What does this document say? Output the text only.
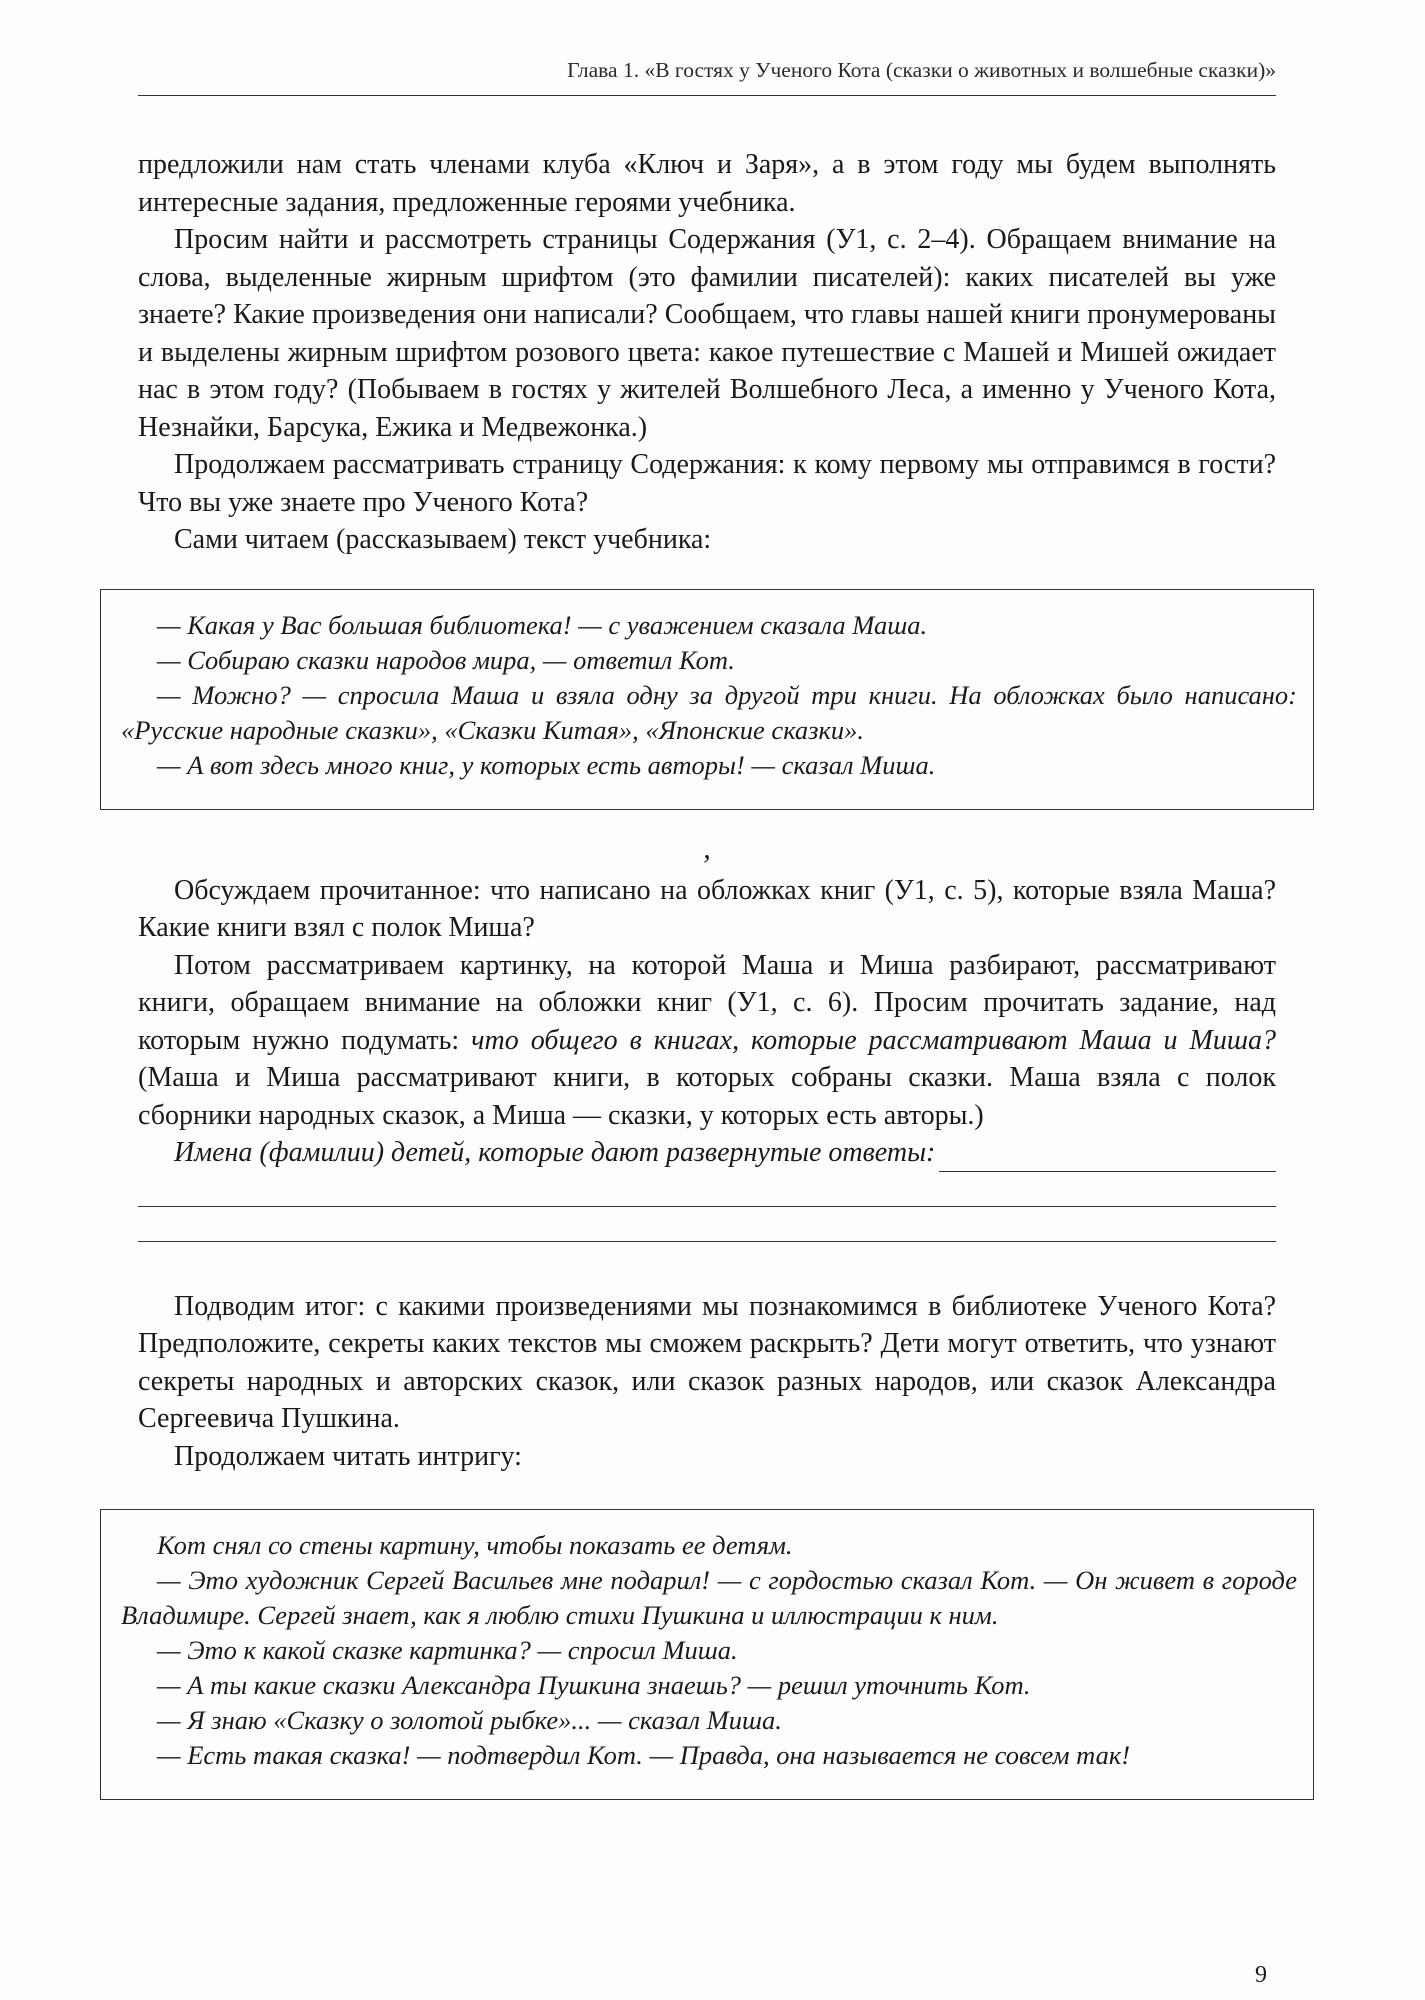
Глава 1. «В гостях у Ученого Кота (сказки о животных и волшебные сказки)»

предложили нам стать членами клуба «Ключ и Заря», а в этом году мы будем выполнять интересные задания, предложенные героями учебника.

Просим найти и рассмотреть страницы Содержания (У1, с. 2–4). Обращаем внимание на слова, выделенные жирным шрифтом (это фамилии писателей): каких писателей вы уже знаете? Какие произведения они написали? Сообщаем, что главы нашей книги пронумерованы и выделены жирным шрифтом розового цвета: какое путешествие с Машей и Мишей ожидает нас в этом году? (Побываем в гостях у жителей Волшебного Леса, а именно у Ученого Кота, Незнайки, Барсука, Ежика и Медвежонка.)

Продолжаем рассматривать страницу Содержания: к кому первому мы отправимся в гости? Что вы уже знаете про Ученого Кота?

Сами читаем (рассказываем) текст учебника:

— Какая у Вас большая библиотека! — с уважением сказала Маша.

— Собираю сказки народов мира, — ответил Кот.

— Можно? — спросила Маша и взяла одну за другой три книги. На обложках было написано: «Русские народные сказки», «Сказки Китая», «Японские сказки».

— А вот здесь много книг, у которых есть авторы! — сказал Миша.

,

Обсуждаем прочитанное: что написано на обложках книг (У1, с. 5), которые взяла Маша? Какие книги взял с полок Миша?

Потом рассматриваем картинку, на которой Маша и Миша разбирают, рассматривают книги, обращаем внимание на обложки книг (У1, с. 6). Просим прочитать задание, над которым нужно подумать: что общего в книгах, которые рассматривают Маша и Миша? (Маша и Миша рассматривают книги, в которых собраны сказки. Маша взяла с полок сборники народных сказок, а Миша — сказки, у которых есть авторы.)

Имена (фамилии) детей, которые дают развернутые ответы:

Подводим итог: с какими произведениями мы познакомимся в библиотеке Ученого Кота? Предположите, секреты каких текстов мы сможем раскрыть? Дети могут ответить, что узнают секреты народных и авторских сказок, или сказок разных народов, или сказок Александра Сергеевича Пушкина.

Продолжаем читать интригу:

Кот снял со стены картину, чтобы показать ее детям.

— Это художник Сергей Васильев мне подарил! — с гордостью сказал Кот. — Он живет в городе Владимире. Сергей знает, как я люблю стихи Пушкина и иллюстрации к ним.

— Это к какой сказке картинка? — спросил Миша.

— А ты какие сказки Александра Пушкина знаешь? — решил уточнить Кот.

— Я знаю «Сказку о золотой рыбке»... — сказал Миша.

— Есть такая сказка! — подтвердил Кот. — Правда, она называется не совсем так!

9
